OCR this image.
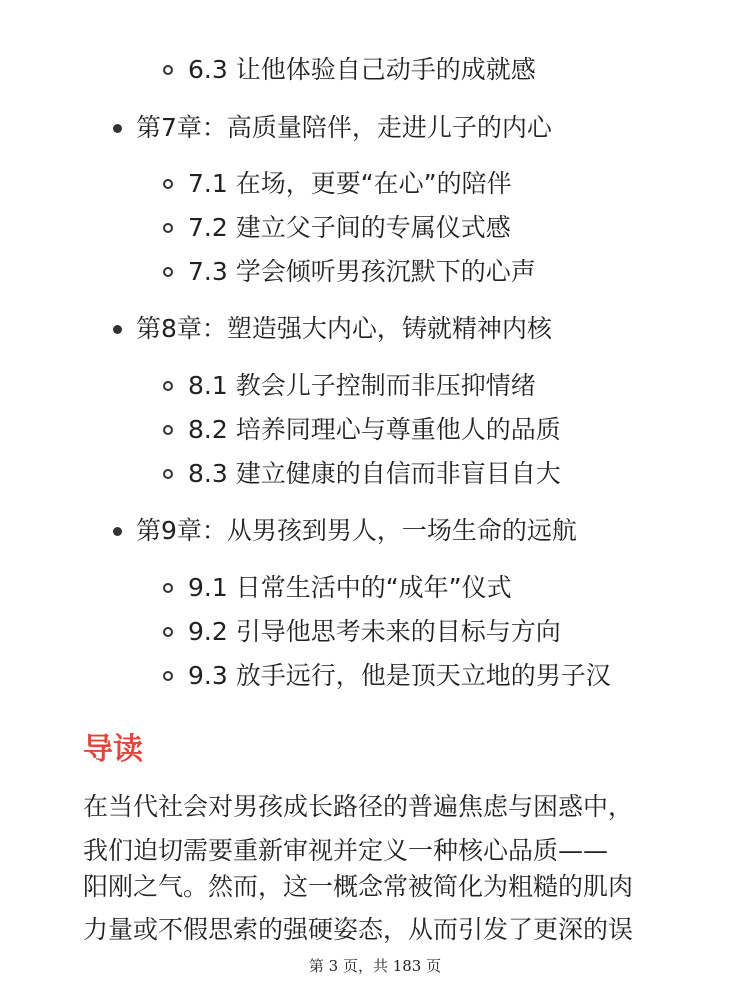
6.3 让他体验自己动手的成就感
第7章：高质量陪伴，走进儿子的内心
7.1 在场，更要“在心”的陪伴
7.2 建立父子间的专属仪式感
7.3 学会倾听男孩沉默下的心声
第8章：塑造强大内心，铸就精神内核
8.1 教会儿子控制而非压抑情绪
8.2 培养同理心与尊重他人的品质
8.3 建立健康的自信而非盲目自大
第9章：从男孩到男人，一场生命的远航
9.1 日常生活中的“成年”仪式
9.2 引导他思考未来的目标与方向
9.3 放手远行，他是顶天立地的男子汉
导读
在当代社会对男孩成长路径的普遍焦虑与困惑中，
我们迫切需要重新审视并定义一种核心品质——
阳刚之气。然而，这一概念常被简化为粗糙的肌肉
力量或不假思索的强硬姿态，从而引发了更深的误
第 3 页，共 183 页
